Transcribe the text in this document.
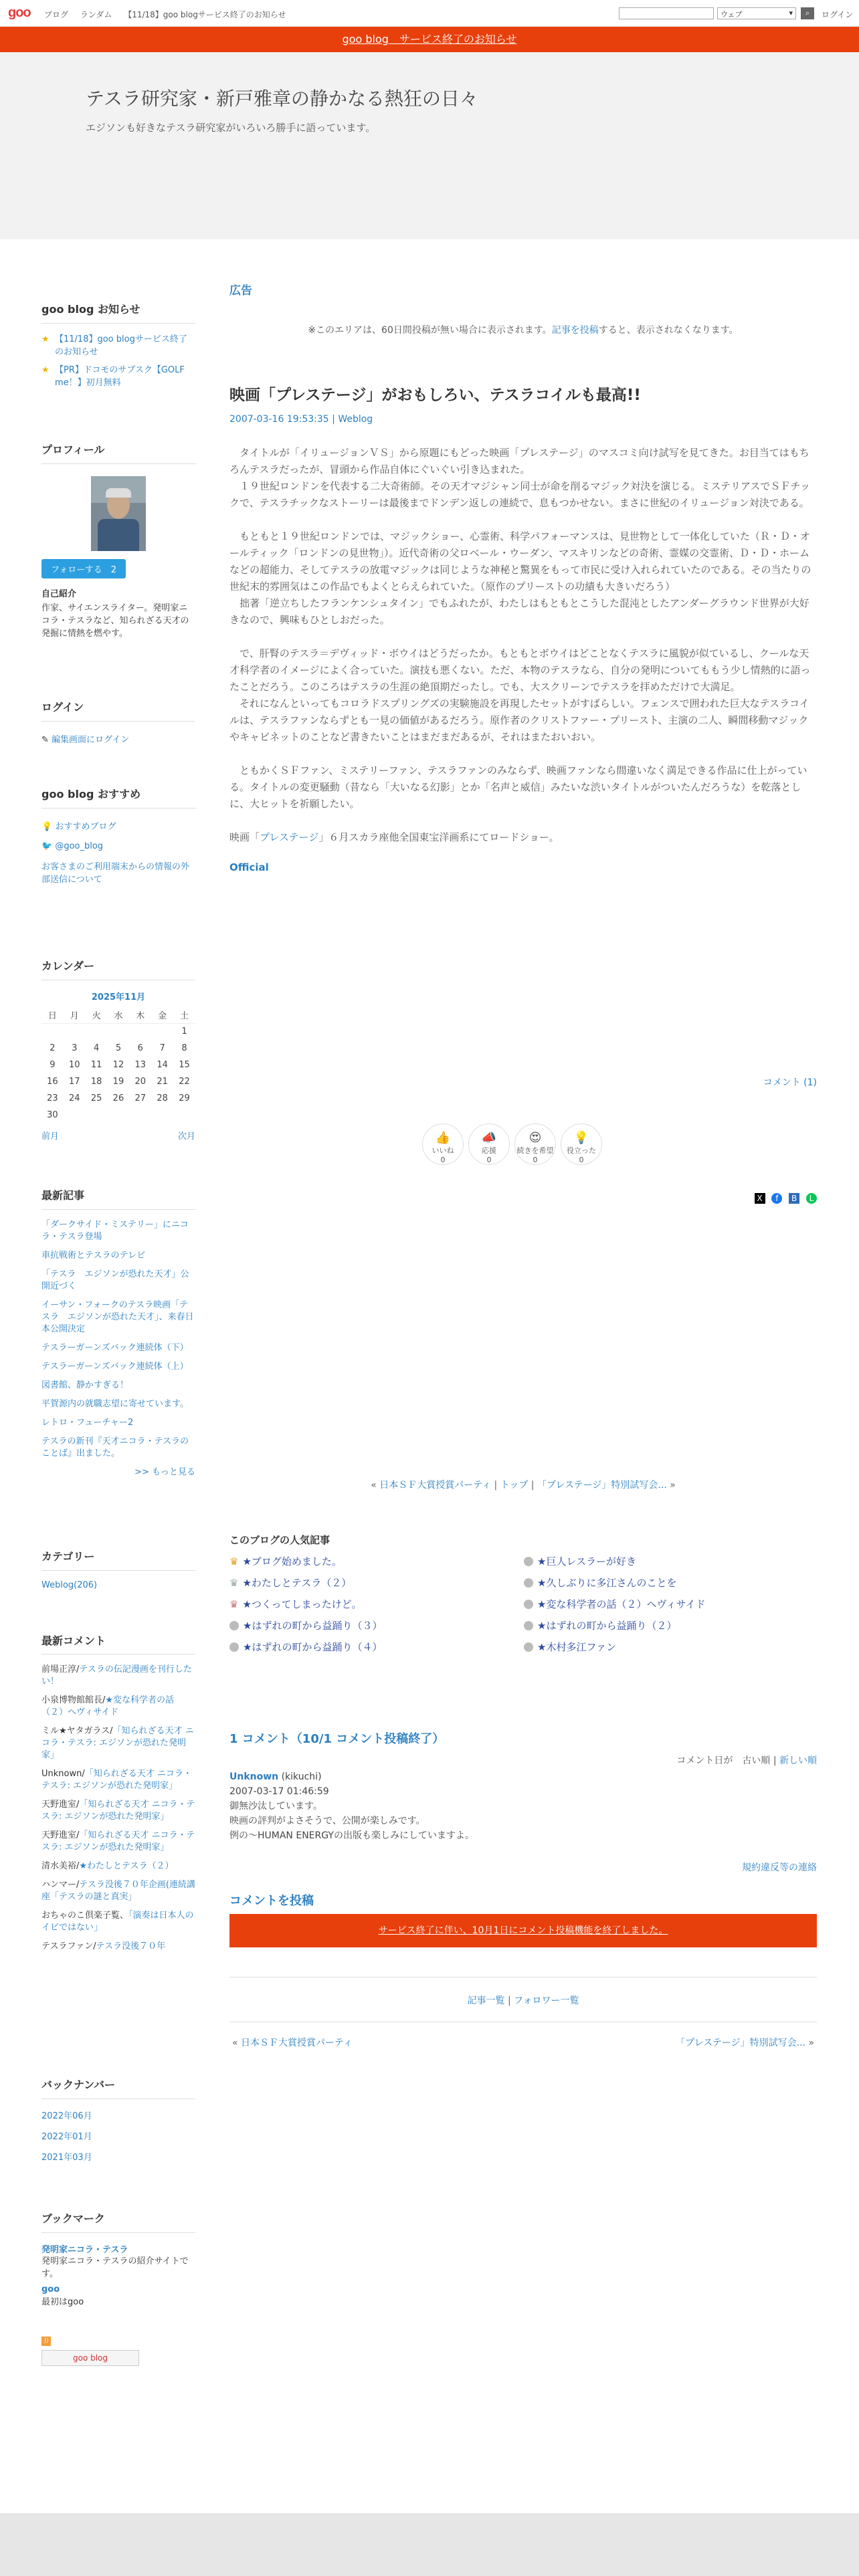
goo ブログ ランダム 【11/18】goo blogサービス終了のお知らせ	ウェブ ▾	⌕	ログイン
goo blog　サービス終了のお知らせ
テスラ研究家・新戸雅章の静かなる熱狂の日々

エジソンも好きなテスラ研究家がいろいろ勝手に語っています。

goo blog お知らせ
★ 【11/18】goo blogサービス終了のお知らせ
★ 【PR】ドコモのサブスク【GOLF me！】初月無料
プロフィール
フォローする　 2
自己紹介
作家、サイエンスライター。発明家ニコラ・テスラなど、知られざる天才の発掘に情熱を燃やす。
ログイン
✎ 編集画面にログイン
goo blog おすすめ
💡 おすすめブログ
🐦 @goo_blog
お客さまのご利用端末からの情報の外部送信について
カレンダー
2025年11月
日	月	火	水	木	金	土
						1
2	3	4	5	6	7	8
9	10	11	12	13	14	15
16	17	18	19	20	21	22
23	24	25	26	27	28	29
30						
前月	次月
最新記事
「ダークサイド・ミステリー」にニコラ・テスラ登場
車抗戦術とテスラのテレビ
「テスラ　エジソンが恐れた天才」公開近づく
イーサン・フォークのテスラ映画「テスラ　エジソンが恐れた天才」、来春日本公開決定
テスラーガーンズバック連続体（下）
テスラーガーンズバック連続体（上）
図書館、静かすぎる！
平賀源内の就職志望に寄せています。
レトロ・フューチャー2
テスラの新刊『天才ニコラ・テスラのことば』出ました。
>> もっと見る
カテゴリー
Weblog(206)
最新コメント
前場正淳/テスラの伝記漫画を刊行したい！
小泉博物館館長/★変な科学者の話（２）ヘヴィサイド
ミル★ヤタガラス/「知られざる天才 ニコラ・テスラ: エジソンが恐れた発明家」
Unknown/「知られざる天才 ニコラ・テスラ: エジソンが恐れた発明家」
天野進室/「知られざる天才 ニコラ・テスラ: エジソンが恐れた発明家」
天野進室/「知られざる天才 ニコラ・テスラ: エジソンが恐れた発明家」
清水美裕/★わたしとテスラ（２）
ハンマー/テスラ没後７０年企画(連続講座「テスラの謎と真実」
おちゃのこ倶楽子覧、「演奏は日本人のイビではない」
テスラファン/テスラ没後７０年
バックナンバー
2022年06月
2022年01月
2021年03月
ブックマーク
発明家ニコラ・テスラ
発明家ニコラ・テスラの紹介サイトです。
goo
最初はgoo
))
goo blog
広告
※このエリアは、60日間投稿が無い場合に表示されます。記事を投稿すると、表示されなくなります。
映画「プレステージ」がおもしろい、テスラコイルも最高!!
2007-03-16 19:53:35 | Weblog

　タイトルが「イリュージョンＶＳ」から原題にもどった映画「プレステージ」のマスコミ向け試写を見てきた。お目当てはもちろんテスラだったが、冒頭から作品自体にぐいぐい引き込まれた。
　１９世紀ロンドンを代表する二大奇術師。その天才マジシャン同士が命を削るマジック対決を演じる。ミステリアスでＳＦチックで、テスラチックなストーリーは最後までドンデン返しの連続で、息もつかせない。まさに世紀のイリュージョン対決である。

　もともと１９世紀ロンドンでは、マジックショー、心霊術、科学パフォーマンスは、見世物として一体化していた（Ｒ・Ｄ・オールティック「ロンドンの見世物」）。近代奇術の父ロベール・ウーダン、マスキリンなどの奇術、霊媒の交霊術、Ｄ・Ｄ・ホームなどの超能力、そしてテスラの放電マジックは同じような神秘と驚異をもって市民に受け入れられていたのである。その当たりの世紀末的雰囲気はこの作品でもよくとらえられていた。（原作のプリーストの功績も大きいだろう）
　拙著「逆立ちしたフランケンシュタイン」でもふれたが、わたしはもともとこうした混沌としたアンダーグラウンド世界が大好きなので、興味もひとしおだった。

　で、肝腎のテスラ＝デヴィッド・ボウイはどうだったか。もともとボウイはどことなくテスラに風貌が似ているし、クールな天才科学者のイメージによく合っていた。演技も悪くない。ただ、本物のテスラなら、自分の発明についてももう少し情熱的に語ったことだろう。このころはテスラの生涯の絶頂期だったし。でも、大スクリーンでテスラを拝めただけで大満足。
　それになんといってもコロラドスプリングズの実験施設を再現したセットがすばらしい。フェンスで囲われた巨大なテスラコイルは、テスラファンならずとも一見の価値があるだろう。原作者のクリストファー・プリースト、主演の二人、瞬間移動マジックやキャビネットのことなど書きたいことはまだまだあるが、それはまたおいおい。

　ともかくＳＦファン、ミステリーファン、テスラファンのみならず、映画ファンなら間違いなく満足できる作品に仕上がっている。タイトルの変更騒動（昔なら「大いなる幻影」とか「名声と威信」みたいな渋いタイトルがついたんだろうな）を乾落としに、大ヒットを祈願したい。

映画「プレステージ」６月スカラ座他全国東宝洋画系にてロードショー。

Official

コメント (1)
👍
いいね
0
📣
応援
0
😍
続きを希望
0
💡
役立った
0
X f B L
« 日本ＳＦ大賞授賞パーティ | トップ | 「プレステージ」特別試写会... »
このブログの人気記事
♛ ★ブログ始めました。
♛ ★わたしとテスラ（２）
♛ ★つくってしまったけど。
★はずれの町から益踊り（３）
★はずれの町から益踊り（４）
★巨人レスラーが好き
★久しぶりに多江さんのことを
★変な科学者の話（２）ヘヴィサイド
★はずれの町から益踊り（２）
★木村多江ファン
1 コメント（10/1 コメント投稿終了）
コメント日が　 古い順 | 新しい順
Unknown (kikuchi)
2007-03-17 01:46:59
御無沙汰しています。
映画の評判がよさそうで、公開が楽しみです。
例の〜HUMAN ENERGYの出版も楽しみにしていますよ。
規約違反等の連絡
コメントを投稿
サービス終了に伴い、10月1日にコメント投稿機能を終了しました。
記事一覧 | フォロワー一覧
« 日本ＳＦ大賞授賞パーティ	「プレステージ」特別試写会... »
